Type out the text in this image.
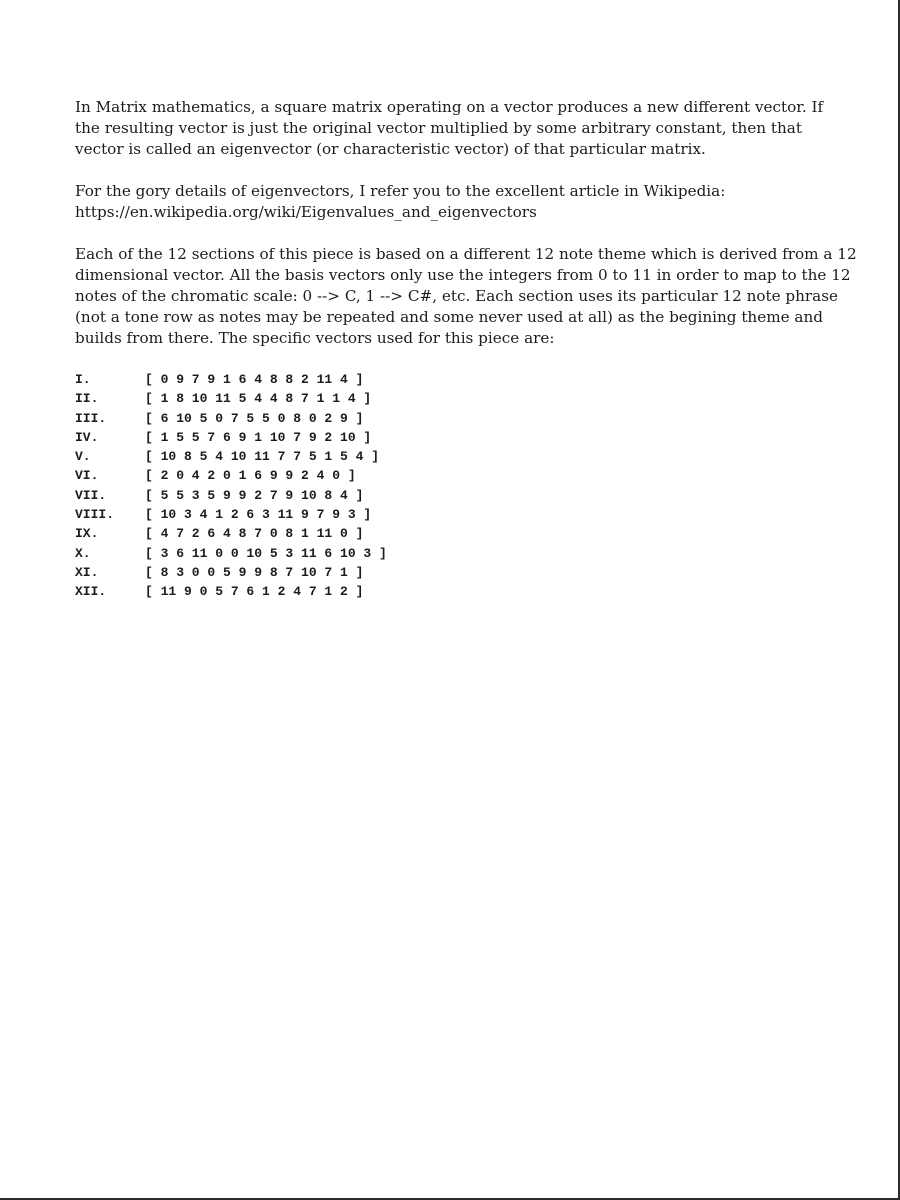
In Matrix mathematics, a square matrix operating on a vector produces a new different vector. If
the resulting vector is just the original vector multiplied by some arbitrary constant, then that
vector is called an eigenvector (or characteristic vector) of that particular matrix.

For the gory details of eigenvectors, I refer you to the excellent article in Wikipedia:
https://en.wikipedia.org/wiki/Eigenvalues_and_eigenvectors

Each of the 12 sections of this piece is based on a different 12 note theme which is derived from a 12
dimensional vector. All the basis vectors only use the integers from 0 to 11 in order to map to the 12
notes of the chromatic scale: 0 --> C, 1 --> C#, etc. Each section uses its particular 12 note phrase
(not a tone row as notes may be repeated and some never used at all) as the begining theme and
builds from there. The specific vectors used for this piece are:

I.	[ 0 9 7 9 1 6 4 8 8 2 11 4 ]
II.	[ 1 8 10 11 5 4 4 8 7 1 1 4 ]
III.	[ 6 10 5 0 7 5 5 0 8 0 2 9 ]
IV.	[ 1 5 5 7 6 9 1 10 7 9 2 10 ]
V.	[ 10 8 5 4 10 11 7 7 5 1 5 4 ]
VI.	[ 2 0 4 2 0 1 6 9 9 2 4 0 ]
VII.	[ 5 5 3 5 9 9 2 7 9 10 8 4 ]
VIII.	[ 10 3 4 1 2 6 3 11 9 7 9 3 ]
IX.	[ 4 7 2 6 4 8 7 0 8 1 11 0 ]
X.	[ 3 6 11 0 0 10 5 3 11 6 10 3 ]
XI.	[ 8 3 0 0 5 9 9 8 7 10 7 1 ]
XII.	[ 11 9 0 5 7 6 1 2 4 7 1 2 ]
